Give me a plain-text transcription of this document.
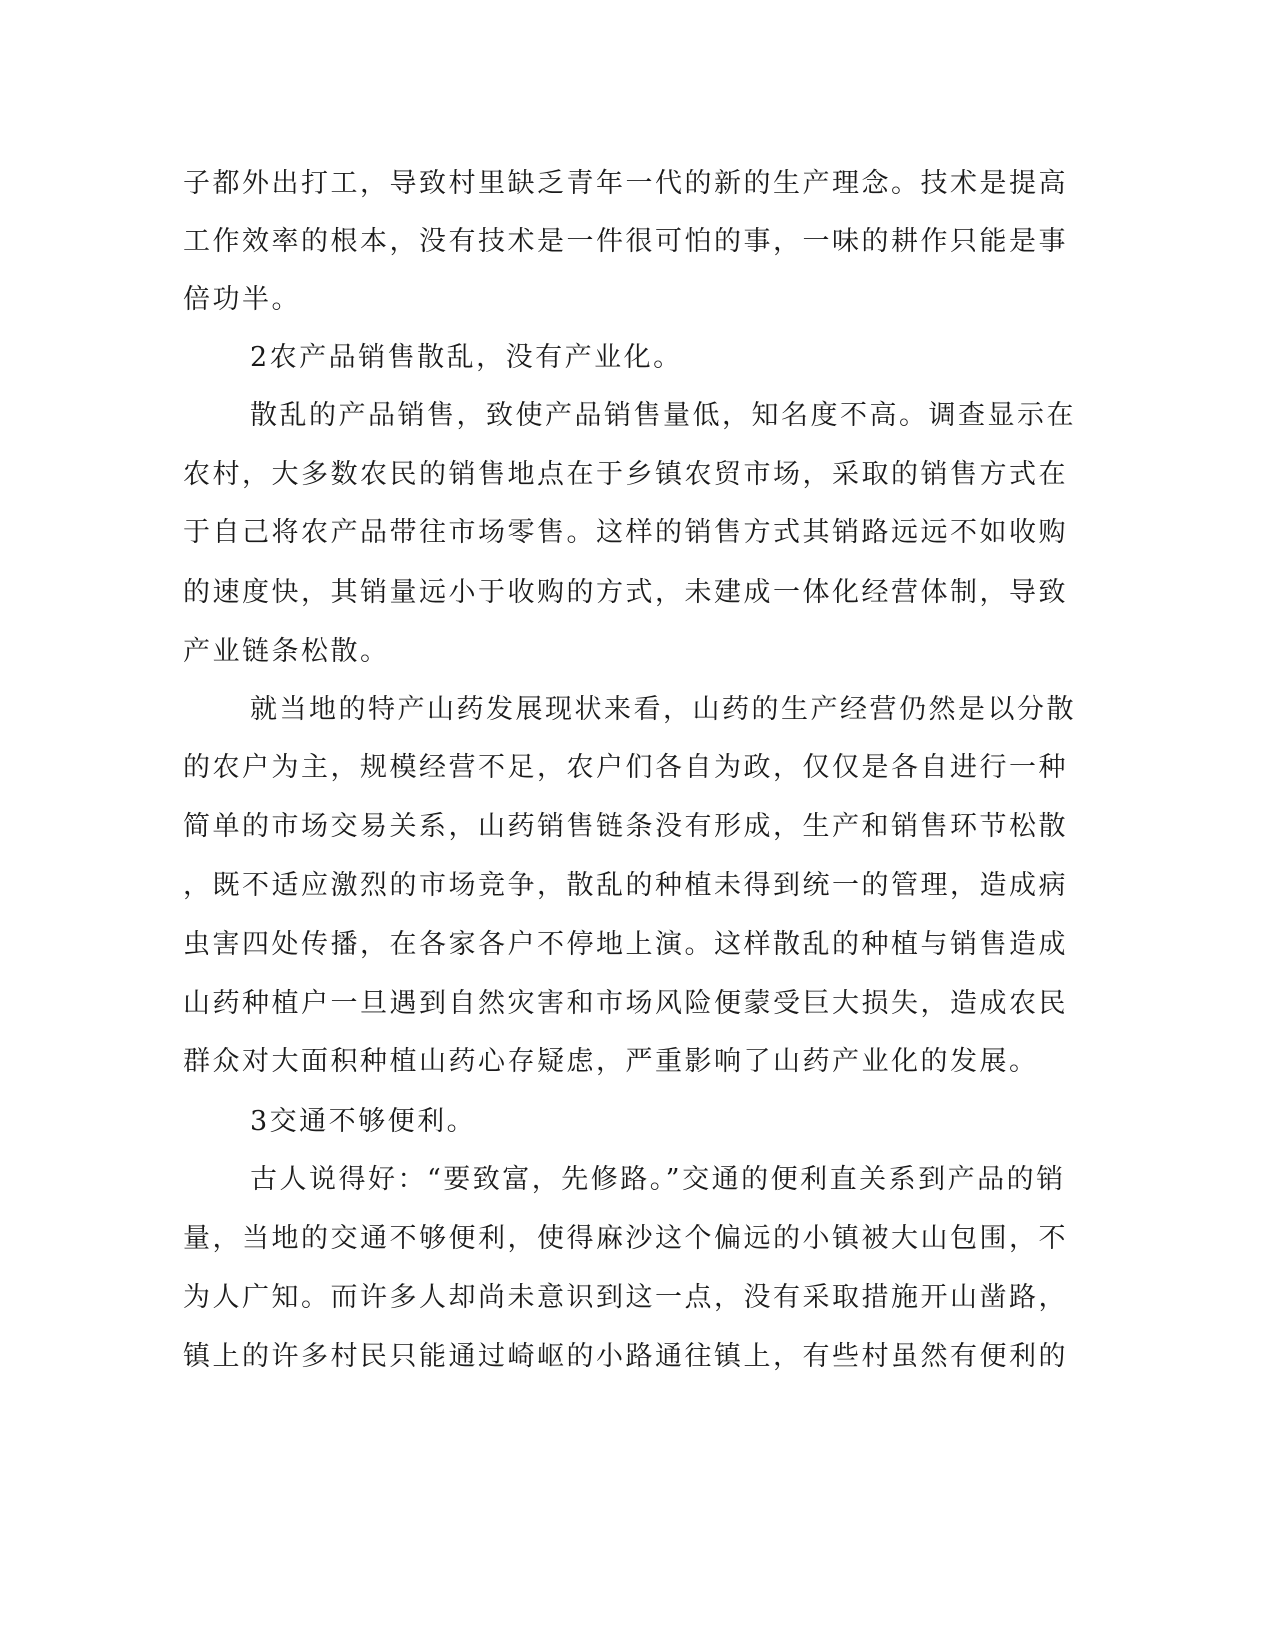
子都外出打工，导致村里缺乏青年一代的新的生产理念。技术是提高
工作效率的根本，没有技术是一件很可怕的事，一味的耕作只能是事
倍功半。
2农产品销售散乱，没有产业化。
散乱的产品销售，致使产品销售量低，知名度不高。调查显示在
农村，大多数农民的销售地点在于乡镇农贸市场，采取的销售方式在
于自己将农产品带往市场零售。这样的销售方式其销路远远不如收购
的速度快，其销量远小于收购的方式，未建成一体化经营体制，导致
产业链条松散。
就当地的特产山药发展现状来看，山药的生产经营仍然是以分散
的农户为主，规模经营不足，农户们各自为政，仅仅是各自进行一种
简单的市场交易关系，山药销售链条没有形成，生产和销售环节松散
，既不适应激烈的市场竞争，散乱的种植未得到统一的管理，造成病
虫害四处传播，在各家各户不停地上演。这样散乱的种植与销售造成
山药种植户一旦遇到自然灾害和市场风险便蒙受巨大损失，造成农民
群众对大面积种植山药心存疑虑，严重影响了山药产业化的发展。
3交通不够便利。
古人说得好：“要致富，先修路。”交通的便利直关系到产品的销
量，当地的交通不够便利，使得麻沙这个偏远的小镇被大山包围，不
为人广知。而许多人却尚未意识到这一点，没有采取措施开山凿路，
镇上的许多村民只能通过崎岖的小路通往镇上，有些村虽然有便利的
